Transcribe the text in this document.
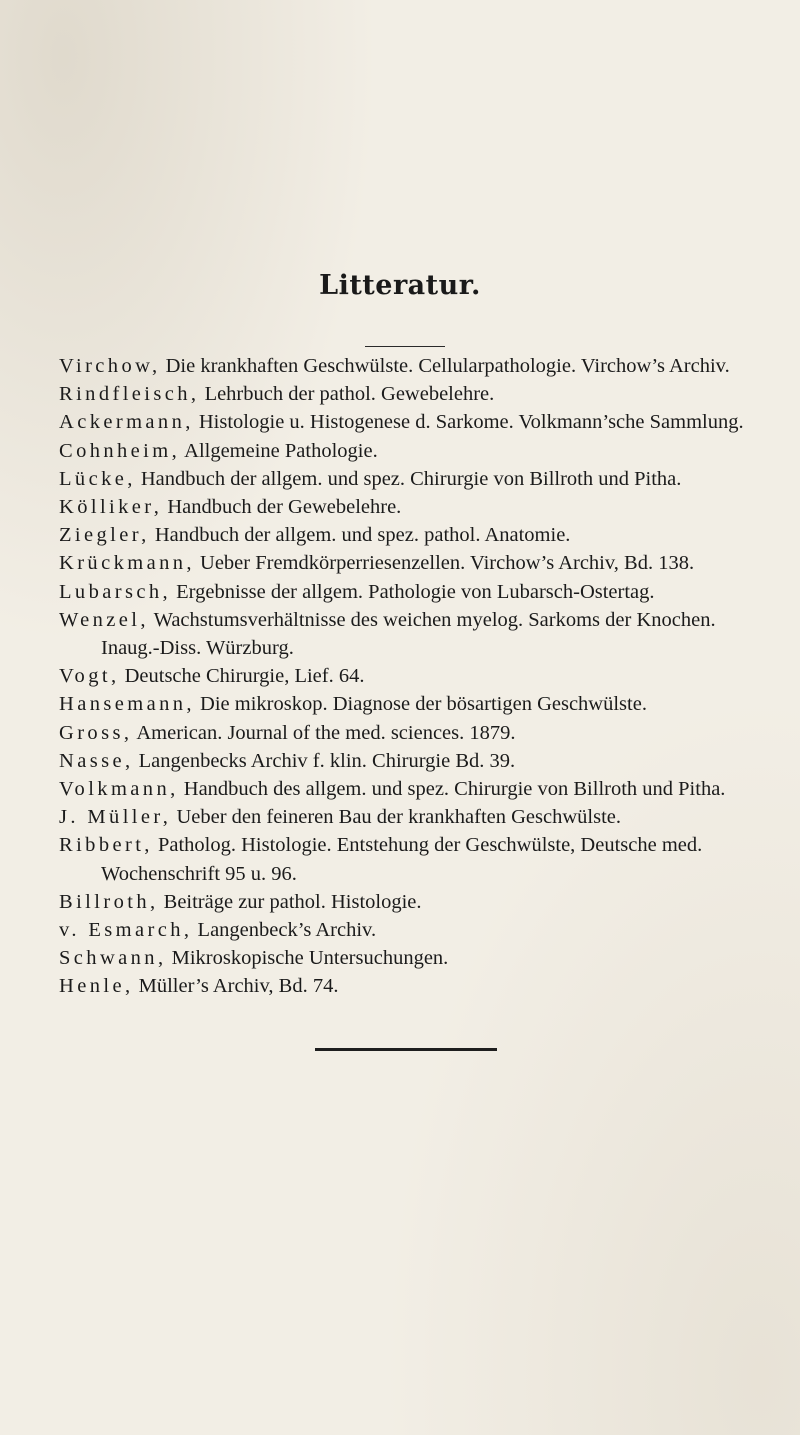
Litteratur.

Virchow, Die krankhaften Geschwülste. Cellularpathologie. Virchow’s Archiv.

Rindfleisch, Lehrbuch der pathol. Gewebelehre.

Ackermann, Histologie u. Histogenese d. Sarkome. Volkmann’sche Sammlung.

Cohnheim, Allgemeine Pathologie.

Lücke, Handbuch der allgem. und spez. Chirurgie von Billroth und Pitha.

Kölliker, Handbuch der Gewebelehre.

Ziegler, Handbuch der allgem. und spez. pathol. Anatomie.

Krückmann, Ueber Fremdkörperriesenzellen. Virchow’s Archiv, Bd. 138.

Lubarsch, Ergebnisse der allgem. Pathologie von Lubarsch-Ostertag.

Wenzel, Wachstumsverhältnisse des weichen myelog. Sarkoms der Knochen. Inaug.-Diss. Würzburg.

Vogt, Deutsche Chirurgie, Lief. 64.

Hansemann, Die mikroskop. Diagnose der bösartigen Geschwülste.

Gross, American. Journal of the med. sciences. 1879.

Nasse, Langenbecks Archiv f. klin. Chirurgie Bd. 39.

Volkmann, Handbuch des allgem. und spez. Chirurgie von Billroth und Pitha.

J. Müller, Ueber den feineren Bau der krankhaften Geschwülste.

Ribbert, Patholog. Histologie. Entstehung der Geschwülste, Deutsche med. Wochenschrift 95 u. 96.

Billroth, Beiträge zur pathol. Histologie.

v. Esmarch, Langenbeck’s Archiv.

Schwann, Mikroskopische Untersuchungen.

Henle, Müller’s Archiv, Bd. 74.
